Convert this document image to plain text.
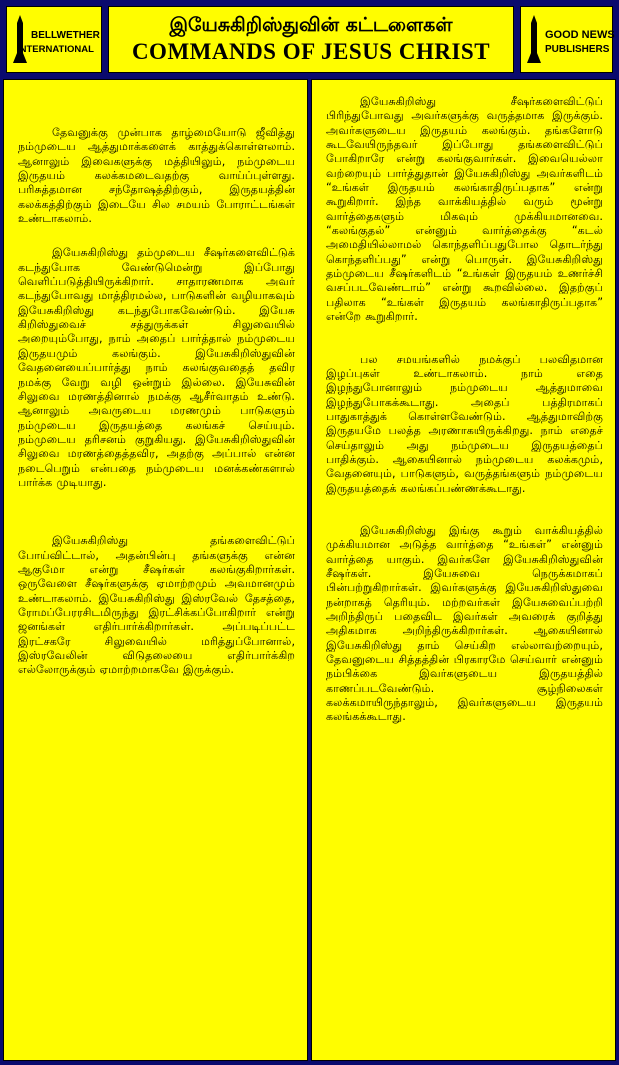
BELLWETHER
INTERNATIONAL
இயேசுகிறிஸ்துவின் கட்டளைகள்
COMMANDS OF JESUS CHRIST
GOOD NEWS
PUBLISHERS

தேவனுக்கு முன்பாக தாழ்மையோடு ஜீவித்து நம்முடைய ஆத்துமாக்களைக் காத்துக்கொள்ளலாம். ஆனாலும் இவைகளுக்கு மத்தியிலும், நம்முடைய இருதயம் கலக்கமடைவதற்கு வாய்ப்புள்ளது. பரிசுத்தமான சந்தோஷத்திற்கும், இருதயத்தின் கலக்கத்திற்கும் இடையே சில சமயம் போராட்டங்கள் உண்டாகலாம்.

இயேசுகிறிஸ்து தம்முடைய சீஷர்களைவிட்டுக் கடந்துபோக வேண்டுமென்று இப்போது வெளிப்படுத்தியிருக்கிறார். சாதாரணமாக அவர் கடந்துபோவது மாத்திரமல்ல, பாடுகளின் வழியாகவும் இயேசுகிறிஸ்து கடந்துபோகவேண்டும். இயேசு கிறிஸ்துவைச் சத்துருக்கள் சிலுவையில் அறையும்போது, நாம் அதைப் பார்த்தால் நம்முடைய இருதயமும் கலங்கும். இயேசுகிறிஸ்துவின் வேதனையைப்பார்த்து நாம் கலங்குவதைத் தவிர நமக்கு வேறு வழி ஒன்றும் இல்லை. இயேசுவின் சிலுவை மரணத்தினால் நமக்கு ஆசீர்வாதம் உண்டு. ஆனாலும் அவருடைய மரணமும் பாடுகளும் நம்முடைய இருதயத்தை கலங்கச் செய்யும். நம்முடைய தரிசனம் குறுகியது. இயேசுகிறிஸ்துவின் சிலுவை மரணத்தைத்தவிர, அதற்கு அப்பால் என்ன நடைபெறும் என்பதை நம்முடைய மனக்கண்களால் பார்க்க முடியாது.

இயேசுகிறிஸ்து தங்களைவிட்டுப் போய்விட்டால், அதன்பின்பு தங்களுக்கு என்ன ஆகுமோ என்று சீஷர்கள் கலங்குகிறார்கள். ஒருவேளை சீஷர்களுக்கு ஏமாற்றமும் அவமானமும் உண்டாகலாம். இயேசுகிறிஸ்து இஸ்ரவேல் தேசத்தை, ரோமப்பேரரசிடமிருந்து இரட்சிக்கப்போகிறார் என்று ஜனங்கள் எதிர்பார்க்கிறார்கள். அப்படிப்பட்ட இரட்சகரே சிலுவையில் மரித்துப்போனால், இஸ்ரவேலின் விடுதலையை எதிர்பார்க்கிற எல்லோருக்கும் ஏமாற்றமாகவே இருக்கும்.

இயேசுகிறிஸ்து சீஷர்களைவிட்டுப் பிரிந்துபோவது அவர்களுக்கு வருத்தமாக இருக்கும். அவர்களுடைய இருதயம் கலங்கும். தங்களோடு கூடவேயிருந்தவர் இப்போது தங்களைவிட்டுப் போகிறாரே என்று கலங்குவார்கள். இவையெல்லா வற்றையும் பார்த்துதான் இயேசுகிறிஸ்து அவர்களிடம் “உங்கள் இருதயம் கலங்காதிருப்பதாக” என்று கூறுகிறார். இந்த வாக்கியத்தில் வரும் மூன்று வார்த்தைகளும் மிகவும் முக்கியமானவை. “கலங்குதல்” என்னும் வார்த்தைக்கு “கடல் அமைதியில்லாமல் கொந்தளிப்பதுபோல தொடர்ந்து கொந்தளிப்பது” என்று பொருள். இயேசுகிறிஸ்து தம்முடைய சீஷர்களிடம் “உங்கள் இருதயம் உணர்ச்சி வசப்படவேண்டாம்” என்று கூறவில்லை. இதற்குப் பதிலாக “உங்கள் இருதயம் கலங்காதிருப்பதாக” என்றே கூறுகிறார்.

பல சமயங்களில் நமக்குப் பலவிதமான இழப்புகள் உண்டாகலாம். நாம் எதை இழந்துபோனாலும் நம்முடைய ஆத்துமாவை இழந்துபோகக்கூடாது. அதைப் பத்திரமாகப் பாதுகாத்துக் கொள்ளவேண்டும். ஆத்துமாவிற்கு இருதயமே பலத்த அரணாகயிருக்கிறது. நாம் எதைச் செய்தாலும் அது நம்முடைய இருதயத்தைப் பாதிக்கும். ஆகையினால் நம்முடைய கலக்கமும், வேதனையும், பாடுகளும், வருத்தங்களும் நம்முடைய இருதயத்தைக் கலங்கப்பண்ணக்கூடாது.

இயேசுகிறிஸ்து இங்கு கூறும் வாக்கியத்தில் முக்கியமான அடுத்த வார்த்தை “உங்கள்” என்னும் வார்த்தை யாகும். இவர்களே இயேசுகிறிஸ்துவின் சீஷர்கள். இயேசுவை நெருக்கமாகப் பின்பற்றுகிறார்கள். இவர்களுக்கு இயேசுகிறிஸ்துவை நன்றாகத் தெரியும். மற்றவர்கள் இயேசுவைப்பற்றி அறிந்திருப் பதைவிட இவர்கள் அவரைக் குறித்து அதிகமாக அறிந்திருக்கிறார்கள். ஆகையினால் இயேசுகிறிஸ்து தாம் செய்கிற எல்லாவற்றையும், தேவனுடைய சித்தத்தின் பிரகாரமே செய்வார் என்னும் நம்பிக்கை இவர்களுடைய இருதயத்தில் காணப்படவேண்டும். சூழ்நிலைகள் கலக்கமாயிருந்தாலும், இவர்களுடைய இருதயம் கலங்கக்கூடாது.
